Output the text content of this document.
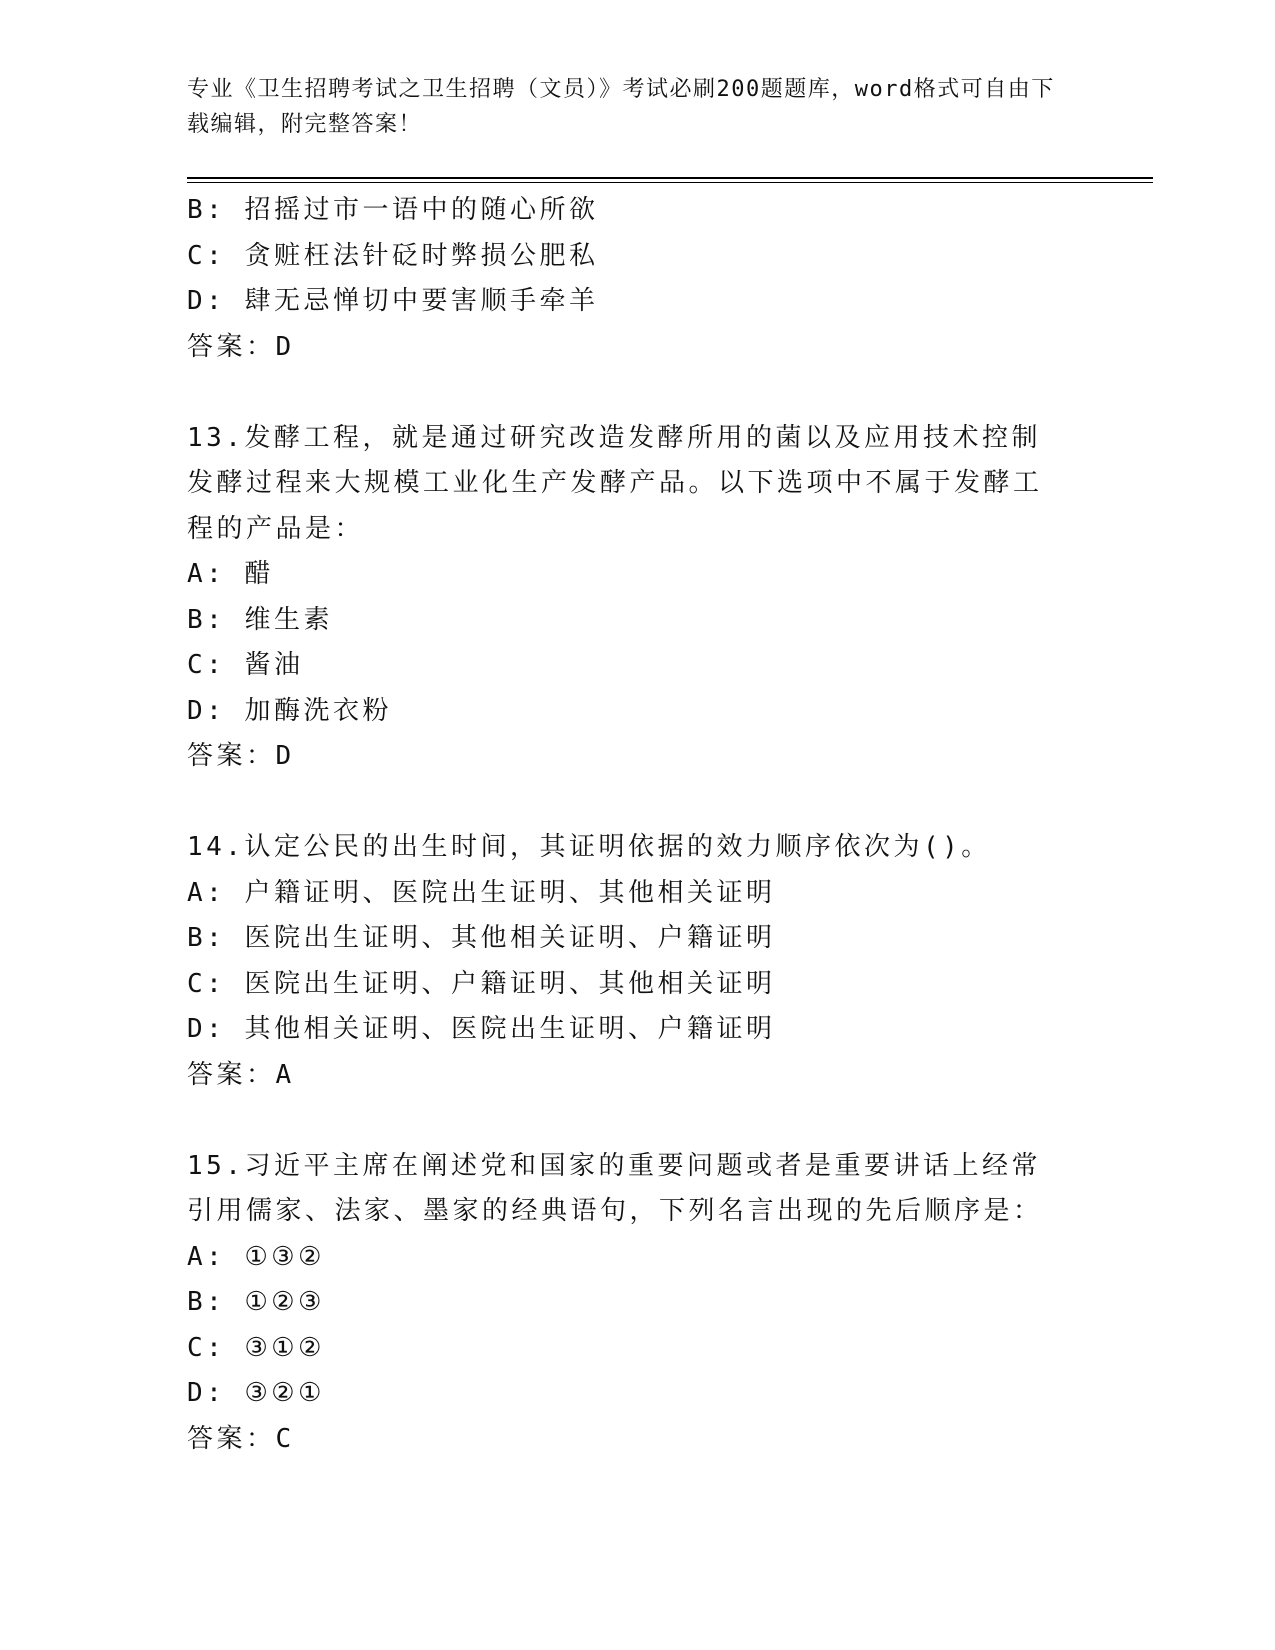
专业《卫生招聘考试之卫生招聘（文员）》考试必刷200题题库，word格式可自由下载编辑，附完整答案！
B: 招摇过市一语中的随心所欲
C: 贪赃枉法针砭时弊损公肥私
D: 肆无忌惮切中要害顺手牵羊
答案：D
13.发酵工程，就是通过研究改造发酵所用的菌以及应用技术控制发酵过程来大规模工业化生产发酵产品。以下选项中不属于发酵工程的产品是：
A: 醋
B: 维生素
C: 酱油
D: 加酶洗衣粉
答案：D
14.认定公民的出生时间，其证明依据的效力顺序依次为()。
A: 户籍证明、医院出生证明、其他相关证明
B: 医院出生证明、其他相关证明、户籍证明
C: 医院出生证明、户籍证明、其他相关证明
D: 其他相关证明、医院出生证明、户籍证明
答案：A
15.习近平主席在阐述党和国家的重要问题或者是重要讲话上经常引用儒家、法家、墨家的经典语句，下列名言出现的先后顺序是：
A: ①③②
B: ①②③
C: ③①②
D: ③②①
答案：C
